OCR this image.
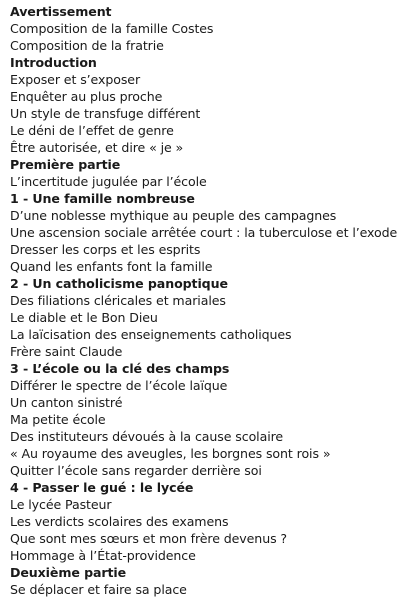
Avertissement
Composition de la famille Costes
Composition de la fratrie
Introduction
Exposer et s’exposer
Enquêter au plus proche
Un style de transfuge différent
Le déni de l’effet de genre
Être autorisée, et dire « je »
Première partie
L’incertitude jugulée par l’école
1 - Une famille nombreuse
D’une noblesse mythique au peuple des campagnes
Une ascension sociale arrêtée court : la tuberculose et l’exode
Dresser les corps et les esprits
Quand les enfants font la famille
2 - Un catholicisme panoptique
Des filiations cléricales et mariales
Le diable et le Bon Dieu
La laïcisation des enseignements catholiques
Frère saint Claude
3 - L’école ou la clé des champs
Différer le spectre de l’école laïque
Un canton sinistré
Ma petite école
Des instituteurs dévoués à la cause scolaire
« Au royaume des aveugles, les borgnes sont rois »
Quitter l’école sans regarder derrière soi
4 - Passer le gué : le lycée
Le lycée Pasteur
Les verdicts scolaires des examens
Que sont mes sœurs et mon frère devenus ?
Hommage à l’État-providence
Deuxième partie
Se déplacer et faire sa place
